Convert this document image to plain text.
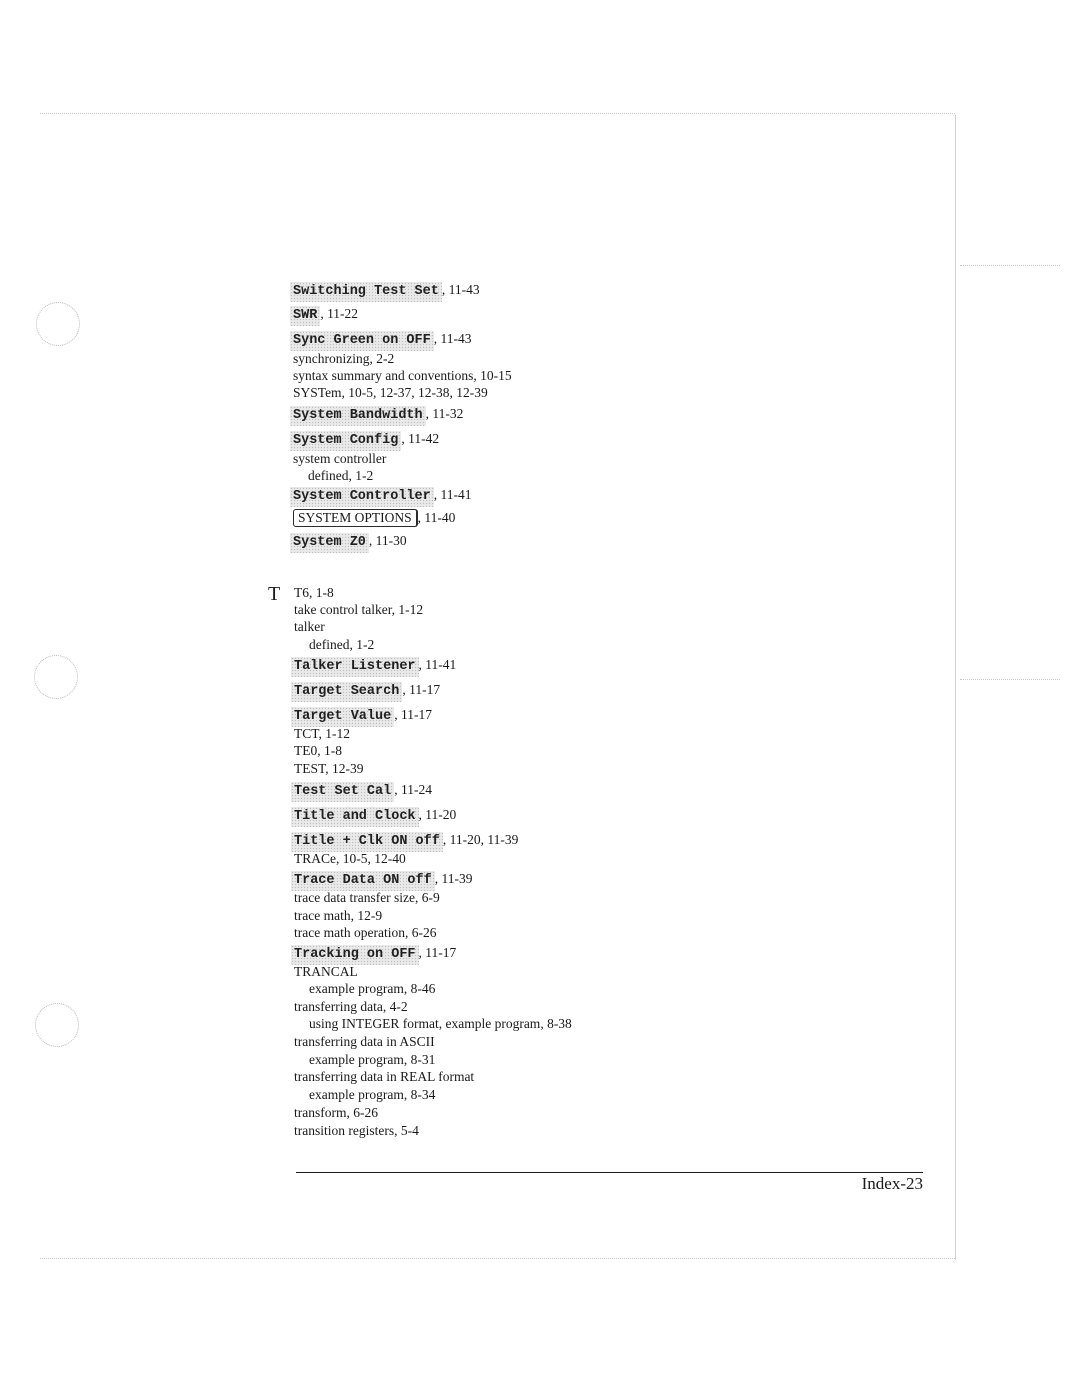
Switching Test Set , 11-43
SWR , 11-22
Sync Green on OFF , 11-43
synchronizing, 2-2
syntax summary and conventions, 10-15
SYSTem, 10-5, 12-37, 12-38, 12-39
System Bandwidth , 11-32
System Config , 11-42
system controller
defined, 1-2
System Controller , 11-41
SYSTEM OPTIONS , 11-40
System Z0 , 11-30
T T6, 1-8
take control talker, 1-12
talker
defined, 1-2
Talker Listener , 11-41
Target Search , 11-17
Target Value , 11-17
TCT, 1-12
TE0, 1-8
TEST, 12-39
Test Set Cal , 11-24
Title and Clock , 11-20
Title + Clk ON off , 11-20, 11-39
TRACe, 10-5, 12-40
Trace Data ON off , 11-39
trace data transfer size, 6-9
trace math, 12-9
trace math operation, 6-26
Tracking on OFF , 11-17
TRANCAL
example program, 8-46
transferring data, 4-2
using INTEGER format, example program, 8-38
transferring data in ASCII
example program, 8-31
transferring data in REAL format
example program, 8-34
transform, 6-26
transition registers, 5-4
Index-23
